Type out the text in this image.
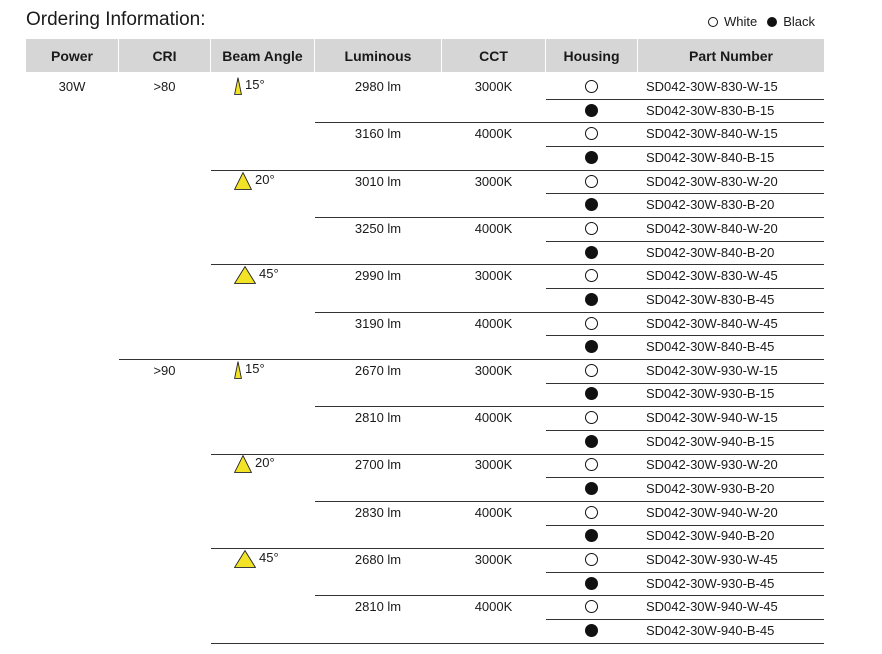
Ordering Information:	White Black
Power	CRI	Beam Angle	Luminous	CCT	Housing	Part Number
30W	>80	15°	2980 lm	3000K	SD042-30W-830-W-15
SD042-30W-830-B-15
3160 lm	4000K	SD042-30W-840-W-15
SD042-30W-840-B-15
20°	3010 lm	3000K	SD042-30W-830-W-20
SD042-30W-830-B-20
3250 lm	4000K	SD042-30W-840-W-20
SD042-30W-840-B-20
45°	2990 lm	3000K	SD042-30W-830-W-45
SD042-30W-830-B-45
3190 lm	4000K	SD042-30W-840-W-45
SD042-30W-840-B-45
>90	15°	2670 lm	3000K	SD042-30W-930-W-15
SD042-30W-930-B-15
2810 lm	4000K	SD042-30W-940-W-15
SD042-30W-940-B-15
20°	2700 lm	3000K	SD042-30W-930-W-20
SD042-30W-930-B-20
2830 lm	4000K	SD042-30W-940-W-20
SD042-30W-940-B-20
45°	2680 lm	3000K	SD042-30W-930-W-45
SD042-30W-930-B-45
2810 lm	4000K	SD042-30W-940-W-45
SD042-30W-940-B-45
